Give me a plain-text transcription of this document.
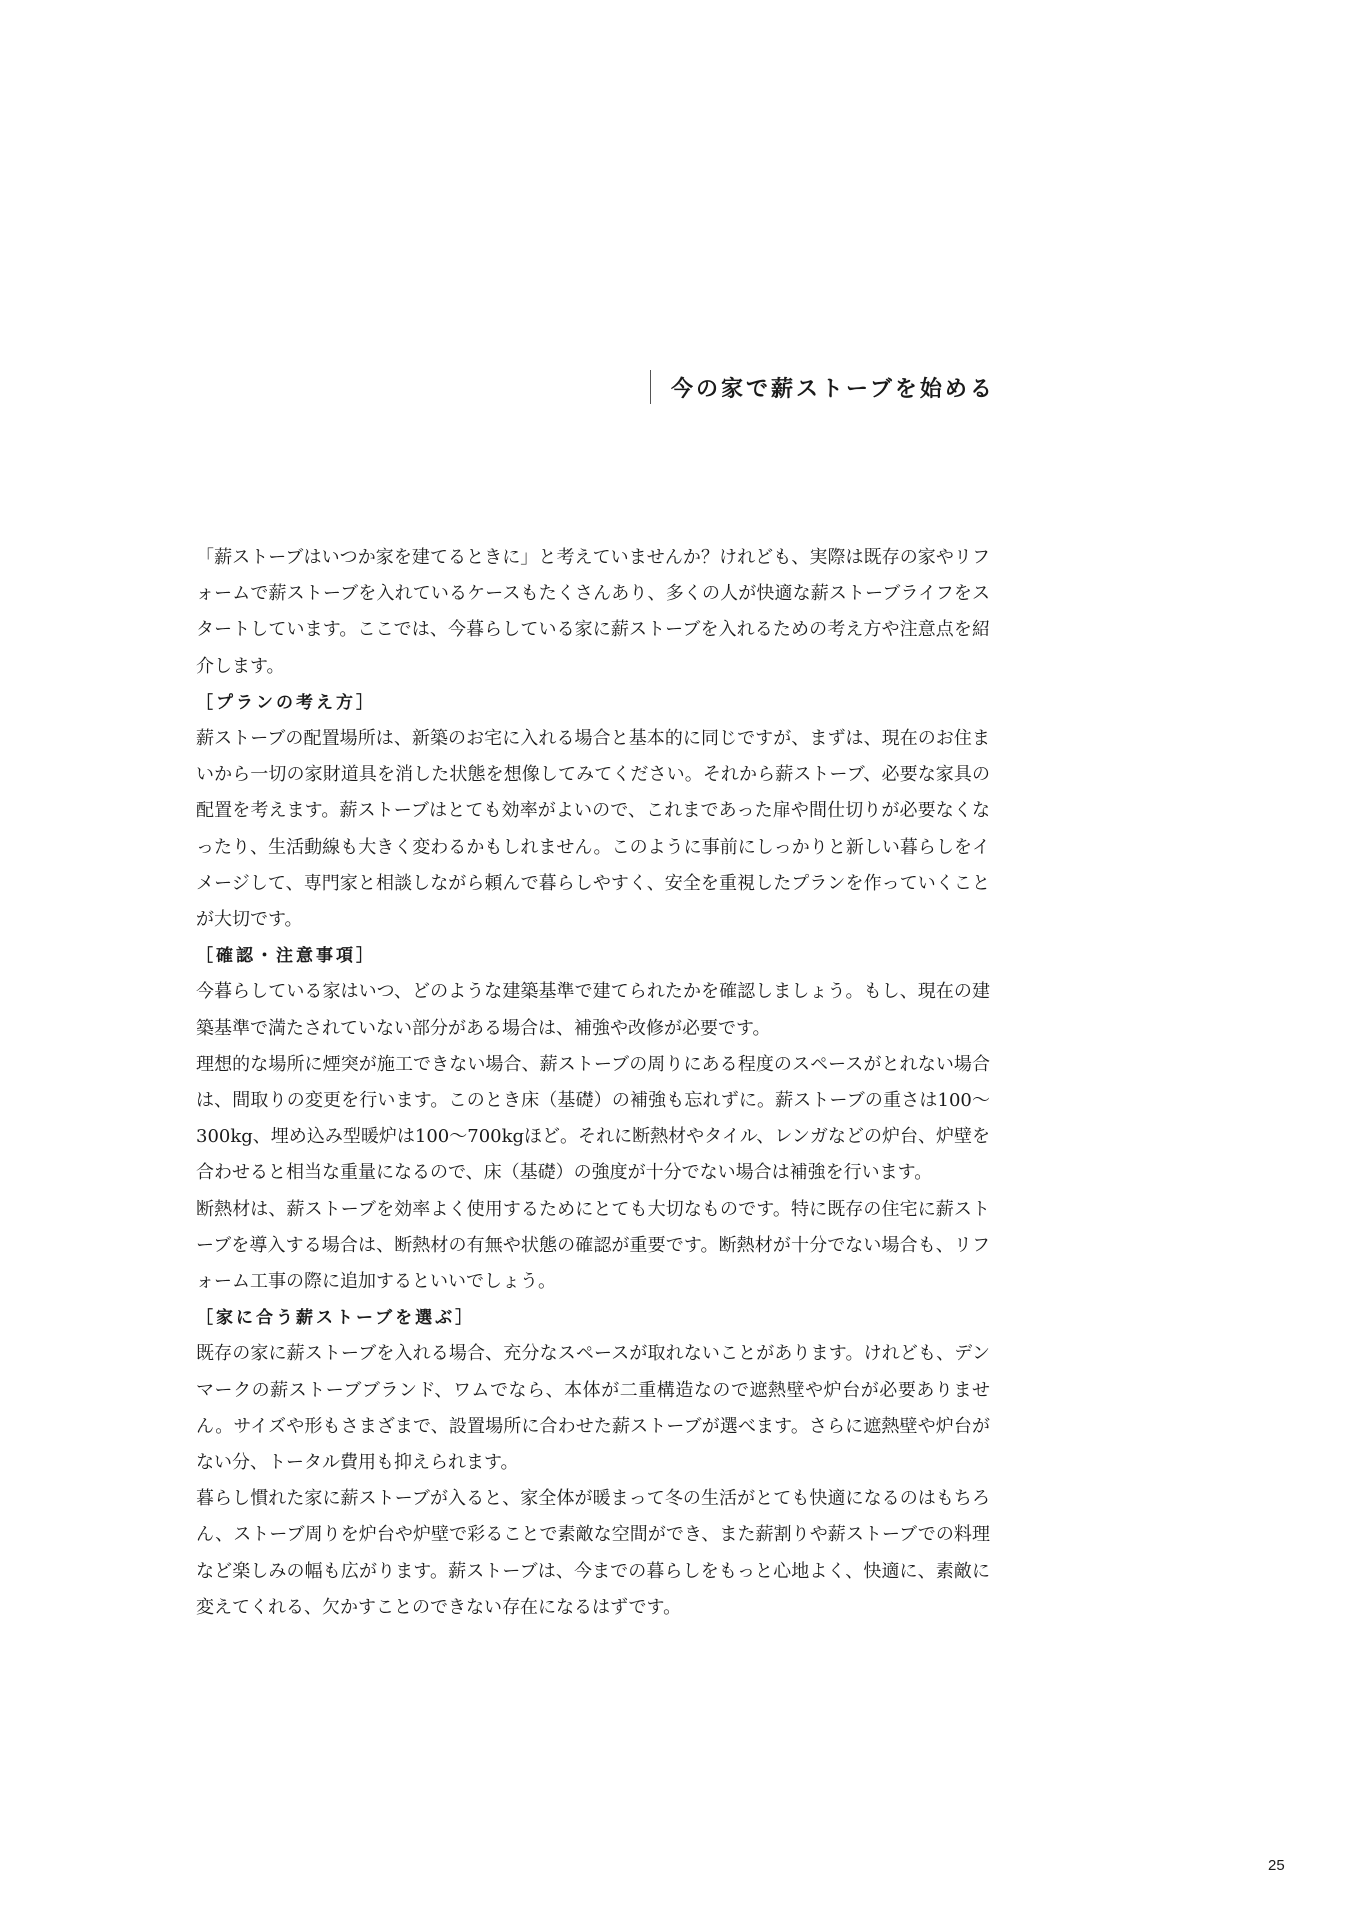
今の家で薪ストーブを始める

「薪ストーブはいつか家を建てるときに」と考えていませんか？けれども、実際は既存の家やリフォームで薪ストーブを入れているケースもたくさんあり、多くの人が快適な薪ストーブライフをスタートしています。ここでは、今暮らしている家に薪ストーブを入れるための考え方や注意点を紹介します。

［プランの考え方］

薪ストーブの配置場所は、新築のお宅に入れる場合と基本的に同じですが、まずは、現在のお住まいから一切の家財道具を消した状態を想像してみてください。それから薪ストーブ、必要な家具の配置を考えます。薪ストーブはとても効率がよいので、これまであった扉や間仕切りが必要なくなったり、生活動線も大きく変わるかもしれません。このように事前にしっかりと新しい暮らしをイメージして、専門家と相談しながら頼んで暮らしやすく、安全を重視したプランを作っていくことが大切です。

［確認・注意事項］

今暮らしている家はいつ、どのような建築基準で建てられたかを確認しましょう。もし、現在の建築基準で満たされていない部分がある場合は、補強や改修が必要です。

理想的な場所に煙突が施工できない場合、薪ストーブの周りにある程度のスペースがとれない場合は、間取りの変更を行います。このとき床（基礎）の補強も忘れずに。薪ストーブの重さは100〜300kg、埋め込み型暖炉は100〜700kgほど。それに断熱材やタイル、レンガなどの炉台、炉壁を合わせると相当な重量になるので、床（基礎）の強度が十分でない場合は補強を行います。

断熱材は、薪ストーブを効率よく使用するためにとても大切なものです。特に既存の住宅に薪ストーブを導入する場合は、断熱材の有無や状態の確認が重要です。断熱材が十分でない場合も、リフォーム工事の際に追加するといいでしょう。

［家に合う薪ストーブを選ぶ］

既存の家に薪ストーブを入れる場合、充分なスペースが取れないことがあります。けれども、デンマークの薪ストーブブランド、ワムでなら、本体が二重構造なので遮熱壁や炉台が必要ありません。サイズや形もさまざまで、設置場所に合わせた薪ストーブが選べます。さらに遮熱壁や炉台がない分、トータル費用も抑えられます。

暮らし慣れた家に薪ストーブが入ると、家全体が暖まって冬の生活がとても快適になるのはもちろん、ストーブ周りを炉台や炉壁で彩ることで素敵な空間ができ、また薪割りや薪ストーブでの料理など楽しみの幅も広がります。薪ストーブは、今までの暮らしをもっと心地よく、快適に、素敵に変えてくれる、欠かすことのできない存在になるはずです。

25
